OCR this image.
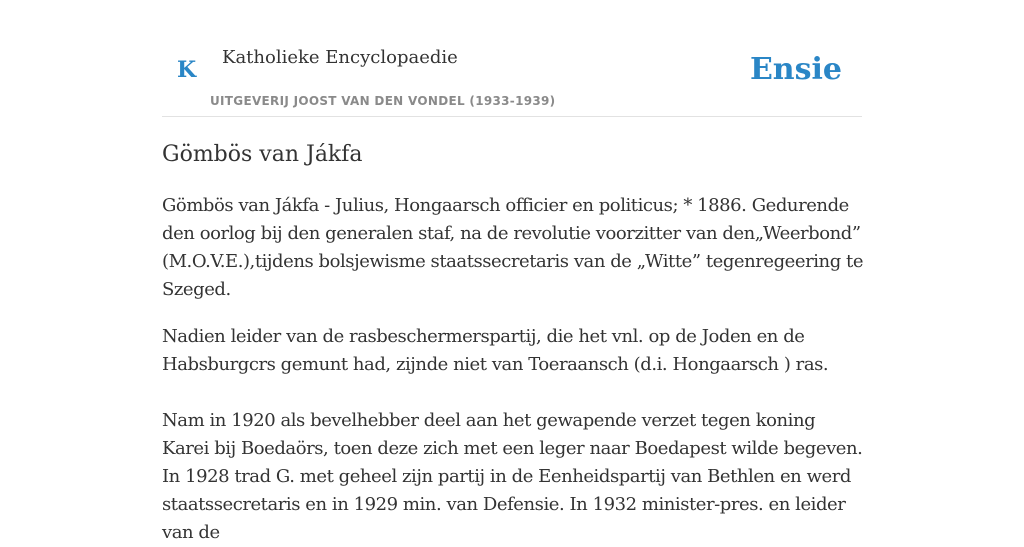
K Katholieke Encyclopaedie
UITGEVERIJ JOOST VAN DEN VONDEL (1933-1939)
Ensie
Gömbös van Jákfa

Gömbös van Jákfa - Julius, Hongaarsch officier en politicus; * 1886. Gedurende den oorlog bij den generalen staf, na de revolutie voorzitter van den„Weerbond” (M.O.V.E.),tijdens bolsjewisme staatssecretaris van de „Witte” tegenregeering te Szeged.

Nadien leider van de rasbeschermerspartij, die het vnl. op de Joden en de Habsburgcrs gemunt had, zijnde niet van Toeraansch (d.i. Hongaarsch ) ras.

Nam in 1920 als bevelhebber deel aan het gewapende verzet tegen koning Karei bij Boedaörs, toen deze zich met een leger naar Boedapest wilde begeven. In 1928 trad G. met geheel zijn partij in de Eenheidspartij van Bethlen en werd staatssecretaris en in 1929 min. van Defensie. In 1932 minister-pres. en leider van de
